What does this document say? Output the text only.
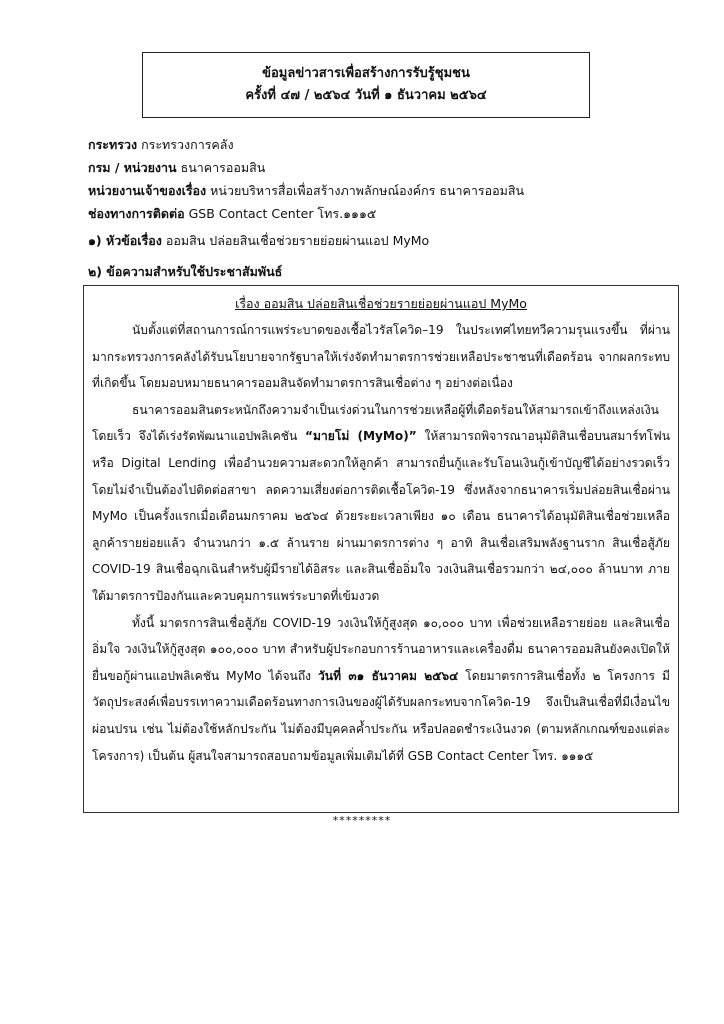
ข้อมูลข่าวสารเพื่อสร้างการรับรู้ชุมชน
ครั้งที่ ๔๗ / ๒๕๖๔ วันที่ ๑ ธันวาคม ๒๕๖๔
กระทรวง กระทรวงการคลัง
กรม / หน่วยงาน ธนาคารออมสิน
หน่วยงานเจ้าของเรื่อง หน่วยบริหารสื่อเพื่อสร้างภาพลักษณ์องค์กร ธนาคารออมสิน
ช่องทางการติดต่อ GSB Contact Center โทร.๑๑๑๕
๑) หัวข้อเรื่อง ออมสิน ปล่อยสินเชื่อช่วยรายย่อยผ่านแอป MyMo
๒) ข้อความสำหรับใช้ประชาสัมพันธ์
เรื่อง ออมสิน ปล่อยสินเชื่อช่วยรายย่อยผ่านแอป MyMo

นับตั้งแต่ที่สถานการณ์การแพร่ระบาดของเชื้อไวรัสโควิด–19 ในประเทศไทยทวีความรุนแรงขึ้น ที่ผ่านมากระทรวงการคลังได้รับนโยบายจากรัฐบาลให้เร่งจัดทำมาตรการช่วยเหลือประชาชนที่เดือดร้อน จากผลกระทบที่เกิดขึ้น โดยมอบหมายธนาคารออมสินจัดทำมาตรการสินเชื่อต่าง ๆ อย่างต่อเนื่อง

ธนาคารออมสินตระหนักถึงความจำเป็นเร่งด่วนในการช่วยเหลือผู้ที่เดือดร้อนให้สามารถเข้าถึงแหล่งเงินโดยเร็ว จึงได้เร่งรัดพัฒนาแอปพลิเคชัน “มายโม่ (MyMo)” ให้สามารถพิจารณาอนุมัติสินเชื่อบนสมาร์ทโฟน หรือ Digital Lending เพื่ออำนวยความสะดวกให้ลูกค้า สามารถยื่นกู้และรับโอนเงินกู้เข้าบัญชีได้อย่างรวดเร็ว โดยไม่จำเป็นต้องไปติดต่อสาขา ลดความเสี่ยงต่อการติดเชื้อโควิด-19 ซึ่งหลังจากธนาคารเริ่มปล่อยสินเชื่อผ่าน MyMo เป็นครั้งแรกเมื่อเดือนมกราคม ๒๕๖๔ ด้วยระยะเวลาเพียง ๑๐ เดือน ธนาคารได้อนุมัติสินเชื่อช่วยเหลือลูกค้ารายย่อยแล้ว จำนวนกว่า ๑.๕ ล้านราย ผ่านมาตรการต่าง ๆ อาทิ สินเชื่อเสริมพลังฐานราก สินเชื่อสู้ภัย COVID-19 สินเชื่อฉุกเฉินสำหรับผู้มีรายได้อิสระ และสินเชื่ออิ่มใจ วงเงินสินเชื่อรวมกว่า ๒๔,๐๐๐ ล้านบาท ภายใต้มาตรการป้องกันและควบคุมการแพร่ระบาดที่เข้มงวด

ทั้งนี้ มาตรการสินเชื่อสู้ภัย COVID-19 วงเงินให้กู้สูงสุด ๑๐,๐๐๐ บาท เพื่อช่วยเหลือรายย่อย และสินเชื่ออิ่มใจ วงเงินให้กู้สูงสุด ๑๐๐,๐๐๐ บาท สำหรับผู้ประกอบการร้านอาหารและเครื่องดื่ม ธนาคารออมสินยังคงเปิดให้ยื่นขอกู้ผ่านแอปพลิเคชัน MyMo ได้จนถึง วันที่ ๓๑ ธันวาคม ๒๕๖๔ โดยมาตรการสินเชื่อทั้ง ๒ โครงการ มีวัตถุประสงค์เพื่อบรรเทาความเดือดร้อนทางการเงินของผู้ได้รับผลกระทบจากโควิด-19 จึงเป็นสินเชื่อที่มีเงื่อนไขผ่อนปรน เช่น ไม่ต้องใช้หลักประกัน ไม่ต้องมีบุคคลค้ำประกัน หรือปลอดชำระเงินงวด (ตามหลักเกณฑ์ของแต่ละโครงการ) เป็นต้น ผู้สนใจสามารถสอบถามข้อมูลเพิ่มเติมได้ที่ GSB Contact Center โทร. ๑๑๑๕

*********
